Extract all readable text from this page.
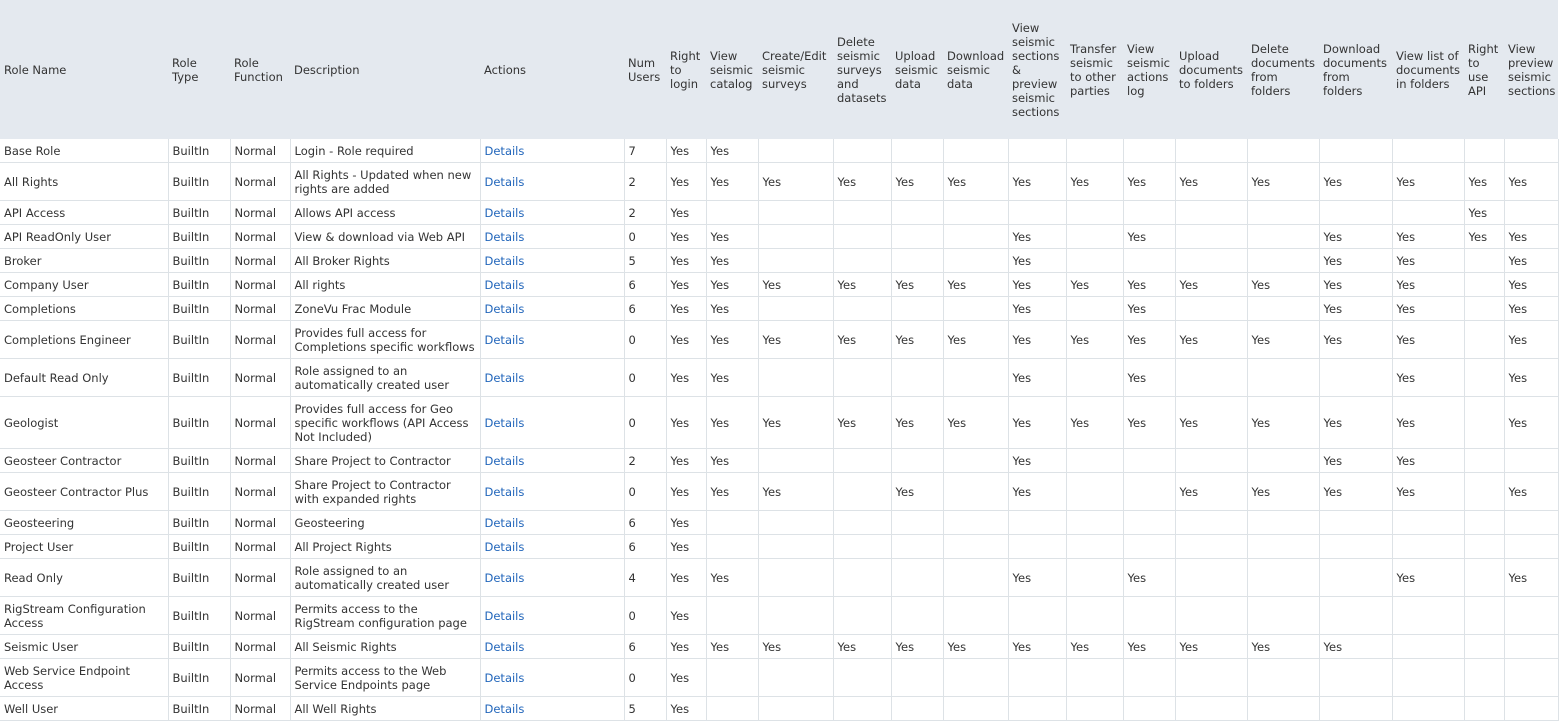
Role Name	Role Type	Role Function	Description	Actions	Num Users	Right to login	View seismic catalog	Create/Edit seismic surveys	Delete seismic surveys and datasets	Upload seismic data	Download seismic data	View seismic sections & preview seismic sections	Transfer seismic to other parties	View seismic actions log	Upload documents to folders	Delete documents from folders	Download documents from folders	View list of documents in folders	Right to use API	View preview seismic sections
Base Role	BuiltIn	Normal	Login - Role required	Details	7	Yes	Yes													
All Rights	BuiltIn	Normal	All Rights - Updated when new rights are added	Details	2	Yes	Yes	Yes	Yes	Yes	Yes	Yes	Yes	Yes	Yes	Yes	Yes	Yes	Yes	Yes
API Access	BuiltIn	Normal	Allows API access	Details	2	Yes													Yes	
API ReadOnly User	BuiltIn	Normal	View & download via Web API	Details	0	Yes	Yes					Yes		Yes			Yes	Yes	Yes	Yes
Broker	BuiltIn	Normal	All Broker Rights	Details	5	Yes	Yes					Yes					Yes	Yes		Yes
Company User	BuiltIn	Normal	All rights	Details	6	Yes	Yes	Yes	Yes	Yes	Yes	Yes	Yes	Yes	Yes	Yes	Yes	Yes		Yes
Completions	BuiltIn	Normal	ZoneVu Frac Module	Details	6	Yes	Yes					Yes		Yes			Yes	Yes		Yes
Completions Engineer	BuiltIn	Normal	Provides full access for Completions specific workflows	Details	0	Yes	Yes	Yes	Yes	Yes	Yes	Yes	Yes	Yes	Yes	Yes	Yes	Yes		Yes
Default Read Only	BuiltIn	Normal	Role assigned to an automatically created user	Details	0	Yes	Yes					Yes		Yes				Yes		Yes
Geologist	BuiltIn	Normal	Provides full access for Geo specific workflows (API Access Not Included)	Details	0	Yes	Yes	Yes	Yes	Yes	Yes	Yes	Yes	Yes	Yes	Yes	Yes	Yes		Yes
Geosteer Contractor	BuiltIn	Normal	Share Project to Contractor	Details	2	Yes	Yes					Yes					Yes	Yes		
Geosteer Contractor Plus	BuiltIn	Normal	Share Project to Contractor with expanded rights	Details	0	Yes	Yes	Yes		Yes		Yes			Yes	Yes	Yes	Yes		Yes
Geosteering	BuiltIn	Normal	Geosteering	Details	6	Yes														
Project User	BuiltIn	Normal	All Project Rights	Details	6	Yes														
Read Only	BuiltIn	Normal	Role assigned to an automatically created user	Details	4	Yes	Yes					Yes		Yes				Yes		Yes
RigStream Configuration Access	BuiltIn	Normal	Permits access to the RigStream configuration page	Details	0	Yes														
Seismic User	BuiltIn	Normal	All Seismic Rights	Details	6	Yes	Yes	Yes	Yes	Yes	Yes	Yes	Yes	Yes	Yes	Yes	Yes			
Web Service Endpoint Access	BuiltIn	Normal	Permits access to the Web Service Endpoints page	Details	0	Yes														
Well User	BuiltIn	Normal	All Well Rights	Details	5	Yes														
